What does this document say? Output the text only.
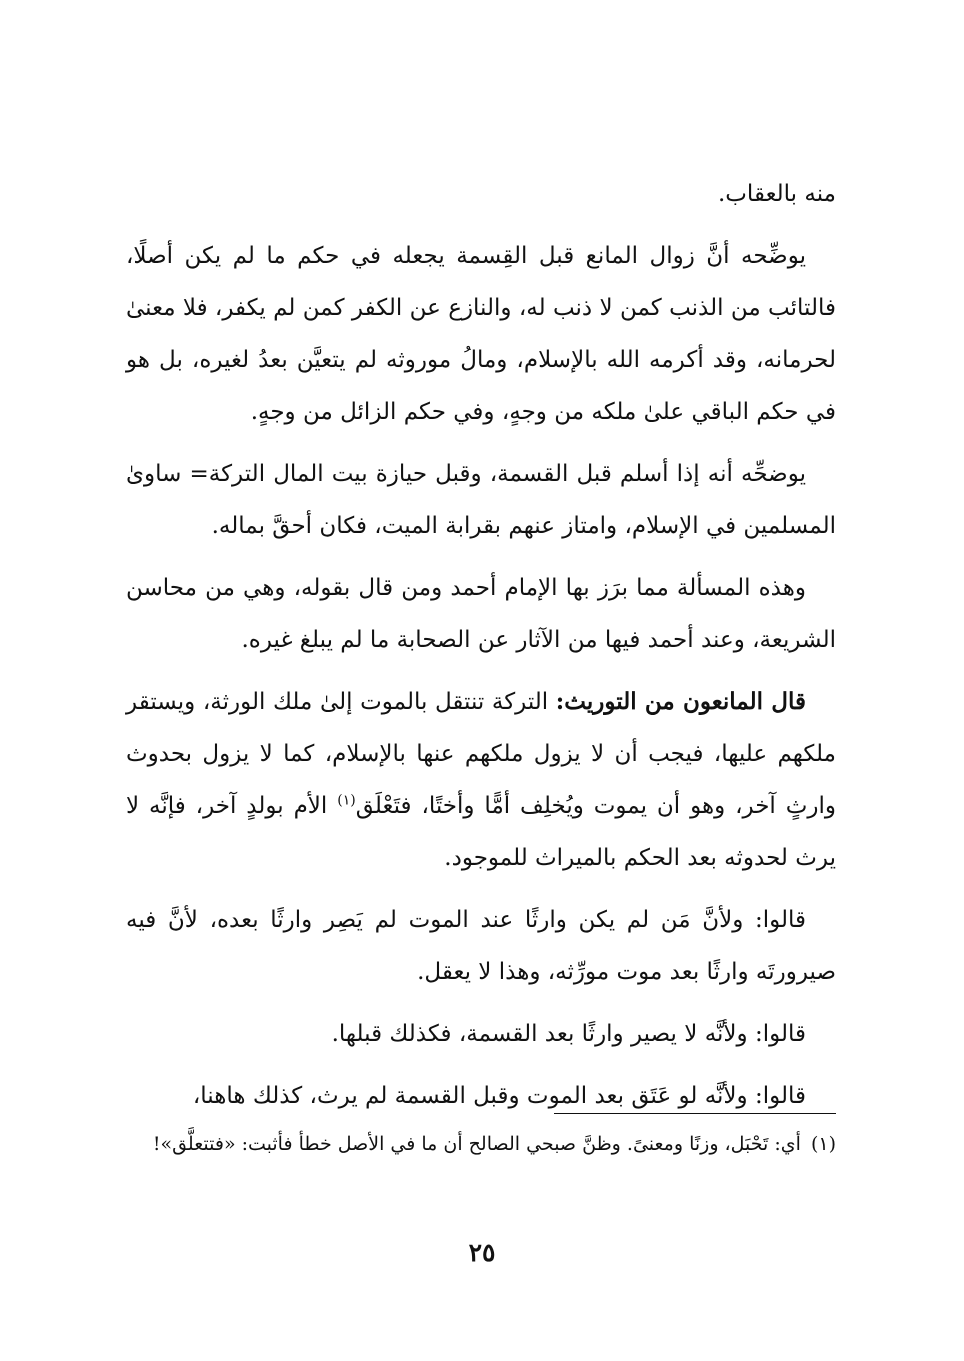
منه بالعقاب.

يوضِّحه أنَّ زوال المانع قبل القِسمة يجعله في حكم ما لم يكن أصلًا، فالتائب من الذنب كمن لا ذنب له، والنازع عن الكفر كمن لم يكفر، فلا معنىٰ لحرمانه، وقد أكرمه الله بالإسلام، ومالُ موروثه لم يتعيَّن بعدُ لغيره، بل هو في حكم الباقي علىٰ ملكه من وجهٍ، وفي حكم الزائل من وجهٍ.

يوضحِّه أنه إذا أسلم قبل القسمة، وقبل حيازة بيت المال التركة= ساوىٰ المسلمين في الإسلام، وامتاز عنهم بقرابة الميت، فكان أحقَّ بماله.

وهذه المسألة مما برَز بها الإمام أحمد ومن قال بقوله، وهي من محاسن الشريعة، وعند أحمد فيها من الآثار عن الصحابة ما لم يبلغ غيره.

قال المانعون من التوريث: التركة تنتقل بالموت إلىٰ ملك الورثة، ويستقر ملكهم عليها، فيجب أن لا يزول ملكهم عنها بالإسلام، كما لا يزول بحدوث وارثٍ آخر، وهو أن يموت ويُخلِف أمًّا وأختًا، فتَعْلَق$^{(١)}$ الأم بولدٍ آخر، فإنَّه لا يرث لحدوثه بعد الحكم بالميراث للموجود.

قالوا: ولأنَّ مَن لم يكن وارثًا عند الموت لم يَصِر وارثًا بعده، لأنَّ فيه صيرورتَه وارثًا بعد موت مورِّثه، وهذا لا يعقل.

قالوا: ولأنَّه لا يصير وارثًا بعد القسمة، فكذلك قبلها.

قالوا: ولأنَّه لو عَتَق بعد الموت وقبل القسمة لم يرث، كذلك هاهنا،

(١)أي: تَحْبَل، وزنًا ومعنىً. وظنَّ صبحي الصالح أن ما في الأصل خطأ فأثبت: «فتتعلَّق»!
٢٥
